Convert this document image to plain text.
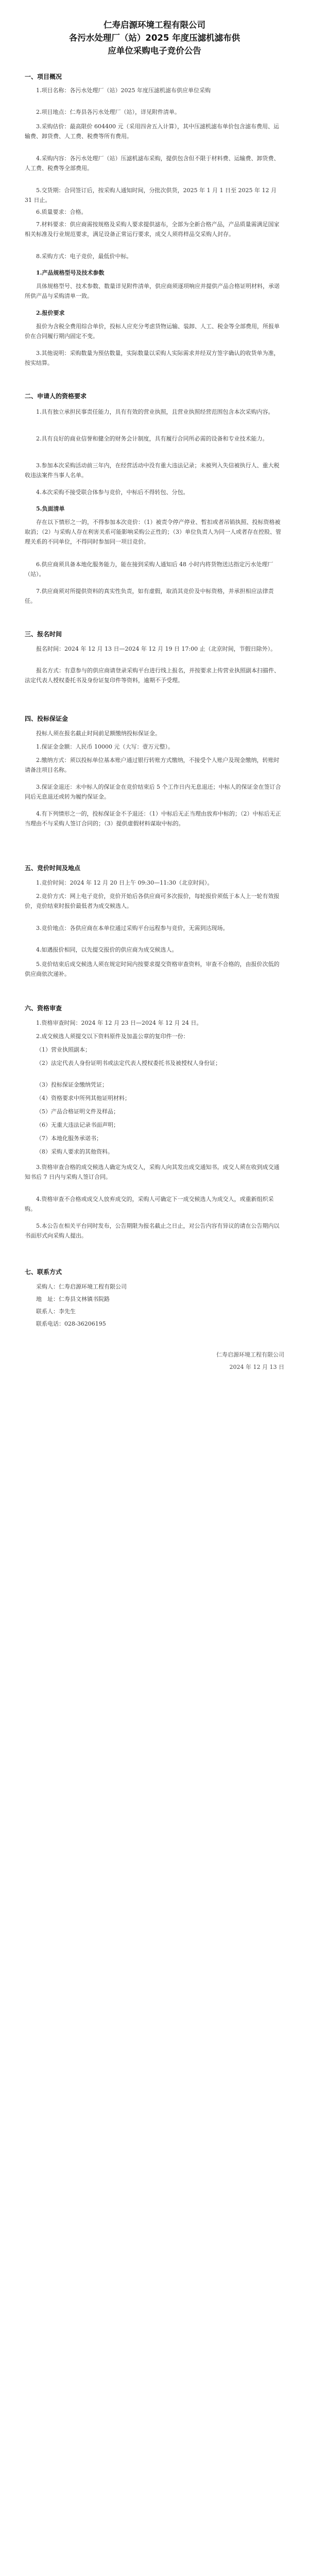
仁寿启源环境工程有限公司

各污水处理厂（站）2025 年度压滤机滤布供

应单位采购电子竞价公告

一、项目概况

1.项目名称：各污水处理厂（站）2025 年度压滤机滤布供应单位采购

2.项目地点：仁寿县各污水处理厂（站），详见附件清单。

3.采购估价：最高限价 604400 元（采用四舍五入计算），其中压滤机滤布单价包含滤布费用、运输费、卸货费、人工费、税费等所有费用。

4.采购内容：各污水处理厂（站）压滤机滤布采购，提供包含但不限于材料费、运输费、卸货费、人工费、税费等全部费用。

5.交货期：合同签订后，按采购人通知时间，分批次供货，2025 年 1 月 1 日至 2025 年 12 月 31 日止。

6.质量要求：合格。

7.材料要求：供应商需按规格及采购人要求提供滤布，全部为全新合格产品，产品质量需满足国家相关标准及行业规范要求，满足设备正常运行要求，成交人须将样品交采购人封存。

8.采购方式：电子竞价，最低价中标。

1.产品规格型号及技术参数

具体规格型号、技术参数、数量详见附件清单，供应商须逐项响应并提供产品合格证明材料，承诺所供产品与采购清单一致。

2.报价要求

报价为含税全费用综合单价，投标人应充分考虑货物运输、装卸、人工、税金等全部费用，所报单价在合同履行期内固定不变。

3.其他说明：采购数量为预估数量，实际数量以采购人实际需求并经双方签字确认的收货单为准，按实结算。

二、申请人的资格要求

1.具有独立承担民事责任能力，具有有效的营业执照，且营业执照经营范围包含本次采购内容。

2.具有良好的商业信誉和健全的财务会计制度，具有履行合同所必需的设备和专业技术能力。

3.参加本次采购活动前三年内，在经营活动中没有重大违法记录；未被列入失信被执行人、重大税收违法案件当事人名单。

4.本次采购不接受联合体参与竞价，中标后不得转包、分包。

5.负面清单

存在以下情形之一的，不得参加本次竞价：（1）被责令停产停业、暂扣或者吊销执照、投标资格被取消；（2）与采购人存在利害关系可能影响采购公正性的；（3）单位负责人为同一人或者存在控股、管理关系的不同单位，不得同时参加同一项目竞价。

6.供应商须具备本地化服务能力，能在接到采购人通知后 48 小时内将货物送达指定污水处理厂（站）。

7.供应商须对所提供资料的真实性负责，如有虚假，取消其竞价及中标资格，并承担相应法律责任。

三、报名时间

报名时间：2024 年 12 月 13 日—2024 年 12 月 19 日 17:00 止（北京时间，节假日除外）。

报名方式：有意参与的供应商请登录采购平台进行线上报名，并按要求上传营业执照副本扫描件、法定代表人授权委托书及身份证复印件等资料，逾期不予受理。

四、投标保证金

投标人须在报名截止时间前足额缴纳投标保证金。

1.保证金金额：人民币 10000 元（大写：壹万元整）。

2.缴纳方式：须以投标单位基本账户通过银行转账方式缴纳，不接受个人账户及现金缴纳，转账时请备注项目名称。

3.保证金退还：未中标人的保证金在竞价结束后 5 个工作日内无息退还；中标人的保证金在签订合同后无息退还或转为履约保证金。

4.有下列情形之一的，投标保证金不予退还：（1）中标后无正当理由放弃中标的；（2）中标后无正当理由不与采购人签订合同的；（3）提供虚假材料谋取中标的。

五、竞价时间及地点

1.竞价时间：2024 年 12 月 20 日上午 09:30—11:30（北京时间）。

2.竞价方式：网上电子竞价，竞价开始后各供应商可多次报价，每轮报价须低于本人上一轮有效报价，竞价结束时报价最低者为成交候选人。

3.竞价地点：各供应商在本单位通过采购平台远程参与竞价，无需到达现场。

4.如遇报价相同，以先提交报价的供应商为成交候选人。

5.竞价结束后成交候选人须在规定时间内按要求提交资格审查资料，审查不合格的，由报价次低的供应商依次递补。

六、资格审查

1.资格审查时间：2024 年 12 月 23 日—2024 年 12 月 24 日。

2.成交候选人须提交以下资料原件及加盖公章的复印件一份：

（1）营业执照副本；

（2）法定代表人身份证明书或法定代表人授权委托书及被授权人身份证；

（3）投标保证金缴纳凭证；

（4）资格要求中所列其他证明材料；

（5）产品合格证明文件及样品；

（6）无重大违法记录书面声明；

（7）本地化服务承诺书；

（8）采购人要求的其他资料。

3.资格审查合格的成交候选人确定为成交人，采购人向其发出成交通知书。成交人须在收到成交通知书后 7 日内与采购人签订合同。

4.资格审查不合格或成交人放弃成交的，采购人可确定下一成交候选人为成交人，或重新组织采购。

5.本公告在相关平台同时发布，公告期限为报名截止之日止，对公告内容有异议的请在公告期内以书面形式向采购人提出。

七、联系方式

采购人：仁寿启源环境工程有限公司

地　址：仁寿县文林镇书院路

联系人：李先生

联系电话：028-36206195

仁寿启源环境工程有限公司

2024 年 12 月 13 日
